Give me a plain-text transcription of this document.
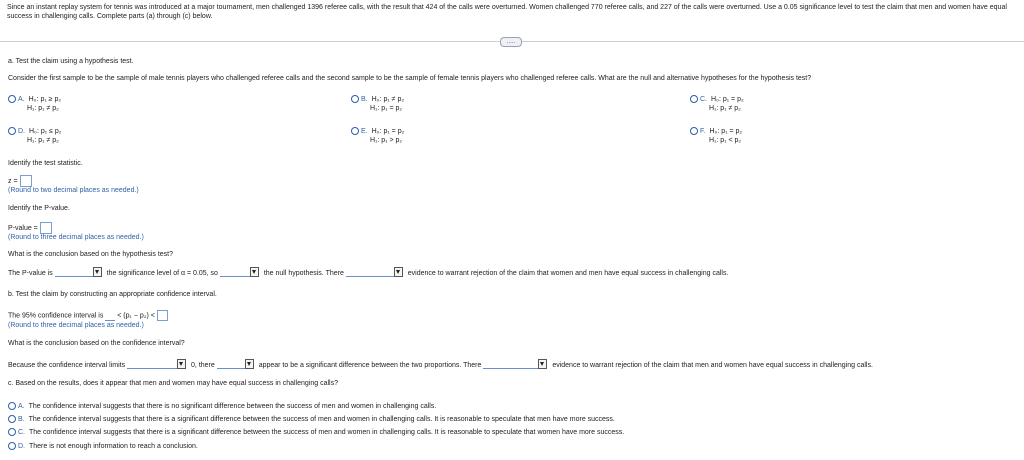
Since an instant replay system for tennis was introduced at a major tournament, men challenged 1396 referee calls, with the result that 424 of the calls were overturned. Women challenged 770 referee calls, and 227 of the calls were overturned. Use a 0.05 significance level to test the claim that men and women have equal success in challenging calls. Complete parts (a) through (c) below.
.....
a. Test the claim using a hypothesis test.
Consider the first sample to be the sample of male tennis players who challenged referee calls and the second sample to be the sample of female tennis players who challenged referee calls. What are the null and alternative hypotheses for the hypothesis test?
A. H₀: p₁ ≥ p₂
H₁: p₁ ≠ p₂
B. H₀: p₁ ≠ p₂
H₁: p₁ = p₂
C. H₀: p₁ = p₂
H₁: p₁ ≠ p₂
D. H₀: p₁ ≤ p₂
H₁: p₁ ≠ p₂
E. H₀: p₁ = p₂
H₁: p₁ > p₂
F. H₀: p₁ = p₂
H₁: p₁ < p₂
Identify the test statistic.
z =
(Round to two decimal places as needed.)
Identify the P-value.
P-value =
(Round to three decimal places as needed.)
What is the conclusion based on the hypothesis test?
The P-value is	the significance level of α = 0.05, so	the null hypothesis. There	evidence to warrant rejection of the claim that women and men have equal success in challenging calls.
b. Test the claim by constructing an appropriate confidence interval.
The 95% confidence interval is < (p₁ − p₂) <
(Round to three decimal places as needed.)
What is the conclusion based on the confidence interval?
Because the confidence interval limits	0, there	appear to be a significant difference between the two proportions. There	evidence to warrant rejection of the claim that men and women have equal success in challenging calls.
c. Based on the results, does it appear that men and women may have equal success in challenging calls?
A. The confidence interval suggests that there is no significant difference between the success of men and women in challenging calls.
B. The confidence interval suggests that there is a significant difference between the success of men and women in challenging calls. It is reasonable to speculate that men have more success.
C. The confidence interval suggests that there is a significant difference between the success of men and women in challenging calls. It is reasonable to speculate that women have more success.
D. There is not enough information to reach a conclusion.
